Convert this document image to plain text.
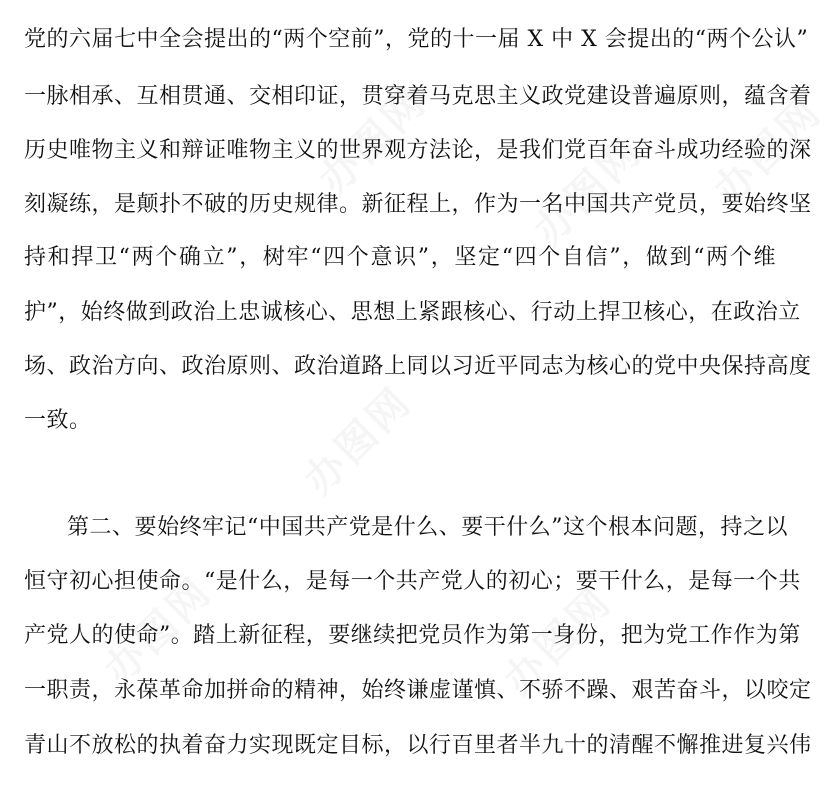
办图网 办图网 办图网
办图网
办图网	办图网
党的六届七中全会提出的“两个空前”，党的十一届 X 中 X 会提出的“两个公认”
一脉相承、互相贯通、交相印证，贯穿着马克思主义政党建设普遍原则，蕴含着
历史唯物主义和辩证唯物主义的世界观方法论，是我们党百年奋斗成功经验的深
刻凝练，是颠扑不破的历史规律。新征程上，作为一名中国共产党员，要始终坚
持和捍卫“两个确立”，树牢“四个意识”，坚定“四个自信”，做到“两个维
护”，始终做到政治上忠诚核心、思想上紧跟核心、行动上捍卫核心，在政治立
场、政治方向、政治原则、政治道路上同以习近平同志为核心的党中央保持高度
一致。
第二、要始终牢记“中国共产党是什么、要干什么”这个根本问题，持之以
恒守初心担使命。“是什么，是每一个共产党人的初心；要干什么，是每一个共
产党人的使命”。踏上新征程，要继续把党员作为第一身份，把为党工作作为第
一职责，永葆革命加拼命的精神，始终谦虚谨慎、不骄不躁、艰苦奋斗，以咬定
青山不放松的执着奋力实现既定目标，以行百里者半九十的清醒不懈推进复兴伟
